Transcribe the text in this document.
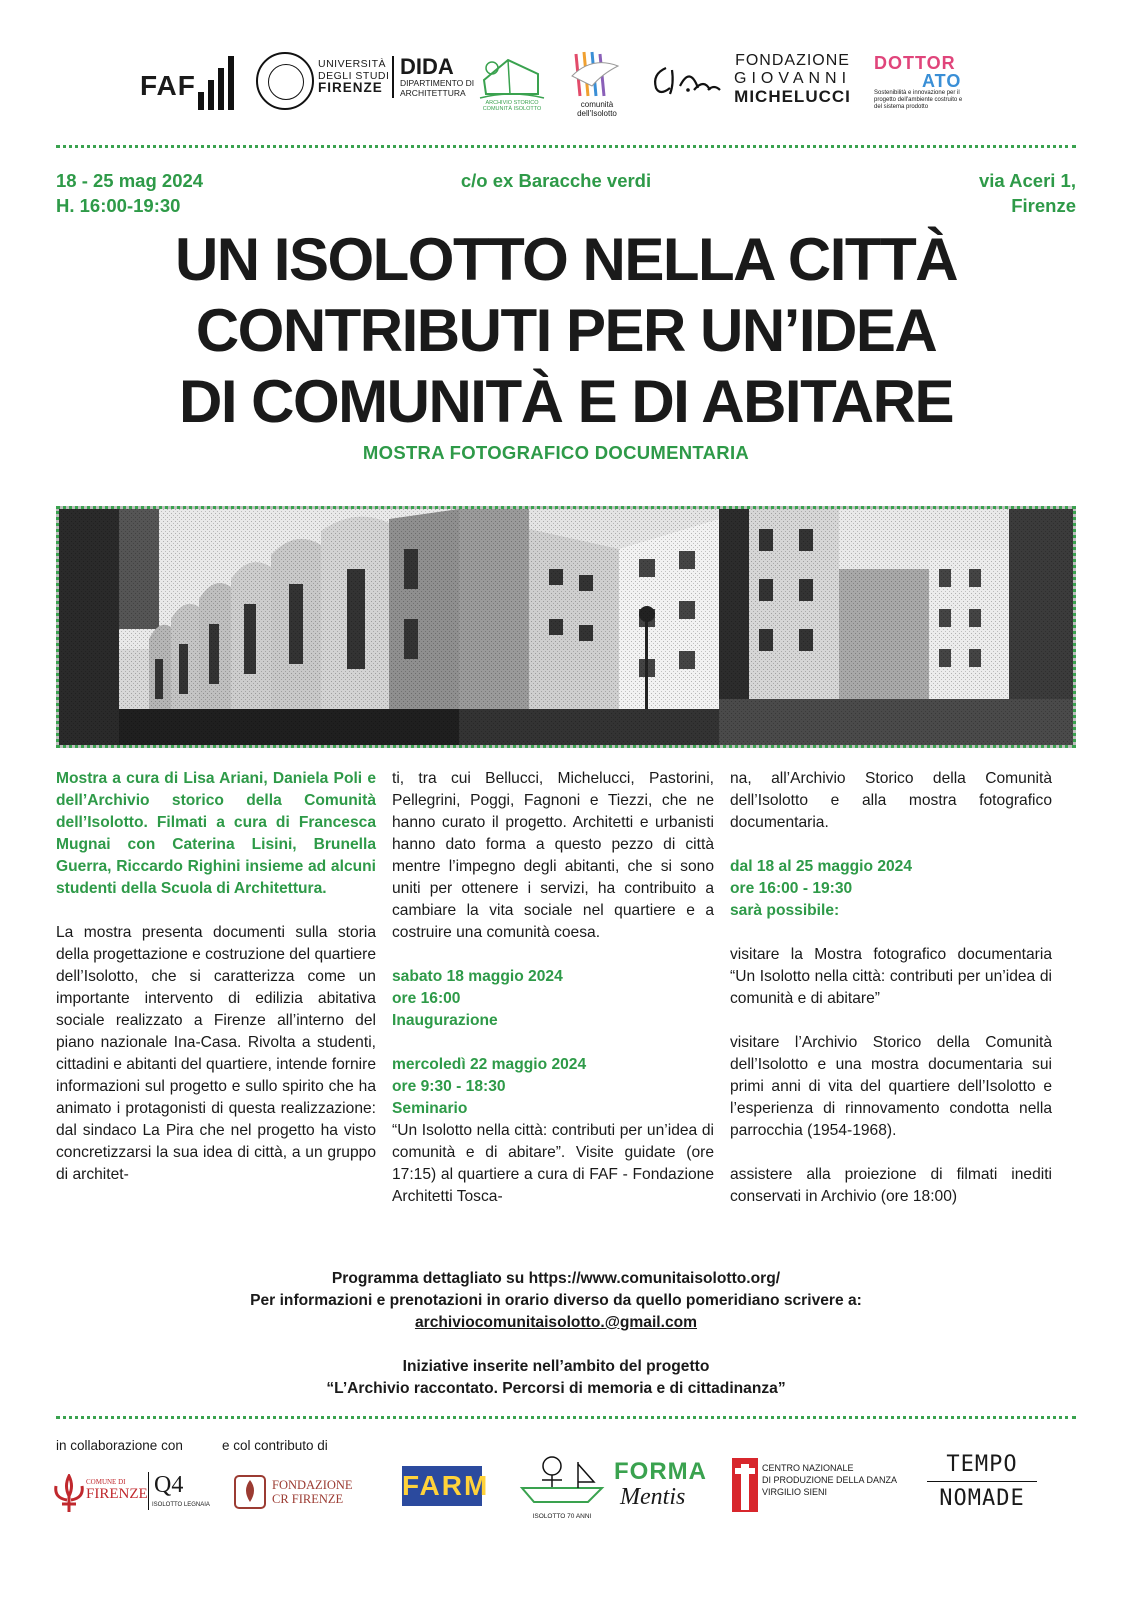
FAF
UNIVERSITÀ
DEGLI STUDI
FIRENZE
DIDA
DIPARTIMENTO DI
ARCHITETTURA
ARCHIVIO STORICO COMUNITÀ ISOLOTTO	comunità dell'Isolotto
FONDAZIONE
GIOVANNI
MICHELUCCI
DOTTOR
ATO
Sostenibilità e innovazione per il progetto dell'ambiente costruito e del sistema prodotto
18 - 25 mag 2024
H. 16:00-19:30
c/o ex Baracche verdi	via Aceri 1,
Firenze
UN ISOLOTTO NELLA CITTÀ
CONTRIBUTI PER UN’IDEA
DI COMUNITÀ E DI ABITARE
MOSTRA FOTOGRAFICO DOCUMENTARIA

Mostra a cura di Lisa Ariani, Daniela Poli e dell’Archivio storico della Comunità dell’Isolotto. Filmati a cura di Francesca Mugnai con Caterina Lisini, Brunella Guerra, Riccardo Righini insieme ad alcuni studenti della Scuola di Architettura.

La mostra presenta documenti sulla storia della progettazione e costruzione del quartiere dell’Isolotto, che si caratterizza come un importante intervento di edilizia abitativa sociale realizzato a Firenze all’interno del piano nazionale Ina-Casa. Rivolta a studenti, cittadini e abitanti del quartiere, intende fornire informazioni sul progetto e sullo spirito che ha animato i protagonisti di questa realizzazione: dal sindaco La Pira che nel progetto ha visto concretizzarsi la sua idea di città, a un gruppo di architet-

ti, tra cui Bellucci, Michelucci, Pastorini, Pellegrini, Poggi, Fagnoni e Tiezzi, che ne hanno curato il progetto. Architetti e urbanisti hanno dato forma a questo pezzo di città mentre l’impegno degli abitanti, che si sono uniti per ottenere i servizi, ha contribuito a cambiare la vita sociale nel quartiere e a costruire una comunità coesa.

sabato 18 maggio 2024
ore 16:00
Inaugurazione
mercoledì 22 maggio 2024
ore 9:30 - 18:30
Seminario
“Un Isolotto nella città: contributi per un’idea di comunità e di abitare”. Visite guidate (ore 17:15) al quartiere a cura di FAF - Fondazione Architetti Tosca-

na, all’Archivio Storico della Comunità dell’Isolotto e alla mostra fotografico documentaria.

dal 18 al 25 maggio 2024
ore 16:00 - 19:30
sarà possibile:

visitare la Mostra fotografico documentaria “Un Isolotto nella città: contributi per un’idea di comunità e di abitare”

visitare l’Archivio Storico della Comunità dell’Isolotto e una mostra documentaria sui primi anni di vita del quartiere dell’Isolotto e l’esperienza di rinnovamento condotta nella parrocchia (1954-1968).

assistere alla proiezione di filmati inediti conservati in Archivio (ore 18:00)

Programma dettagliato su https://www.comunitaisolotto.org/
Per informazioni e prenotazioni in orario diverso da quello pomeridiano scrivere a:
archiviocomunitaisolotto.@gmail.com
Iniziative inserite nell’ambito del progetto
“L’Archivio raccontato. Percorsi di memoria e di cittadinanza”
in collaborazione con	e col contributo di
COMUNE DI
FIRENZE Q4
ISOLOTTO LEGNAIA
FONDAZIONE
CR FIRENZE FARM
ISOLOTTO 70 ANNI
FORMA
Mentis
CENTRO NAZIONALE
DI PRODUZIONE DELLA DANZA
VIRGILIO SIENI
TEMPO
NOMADE
